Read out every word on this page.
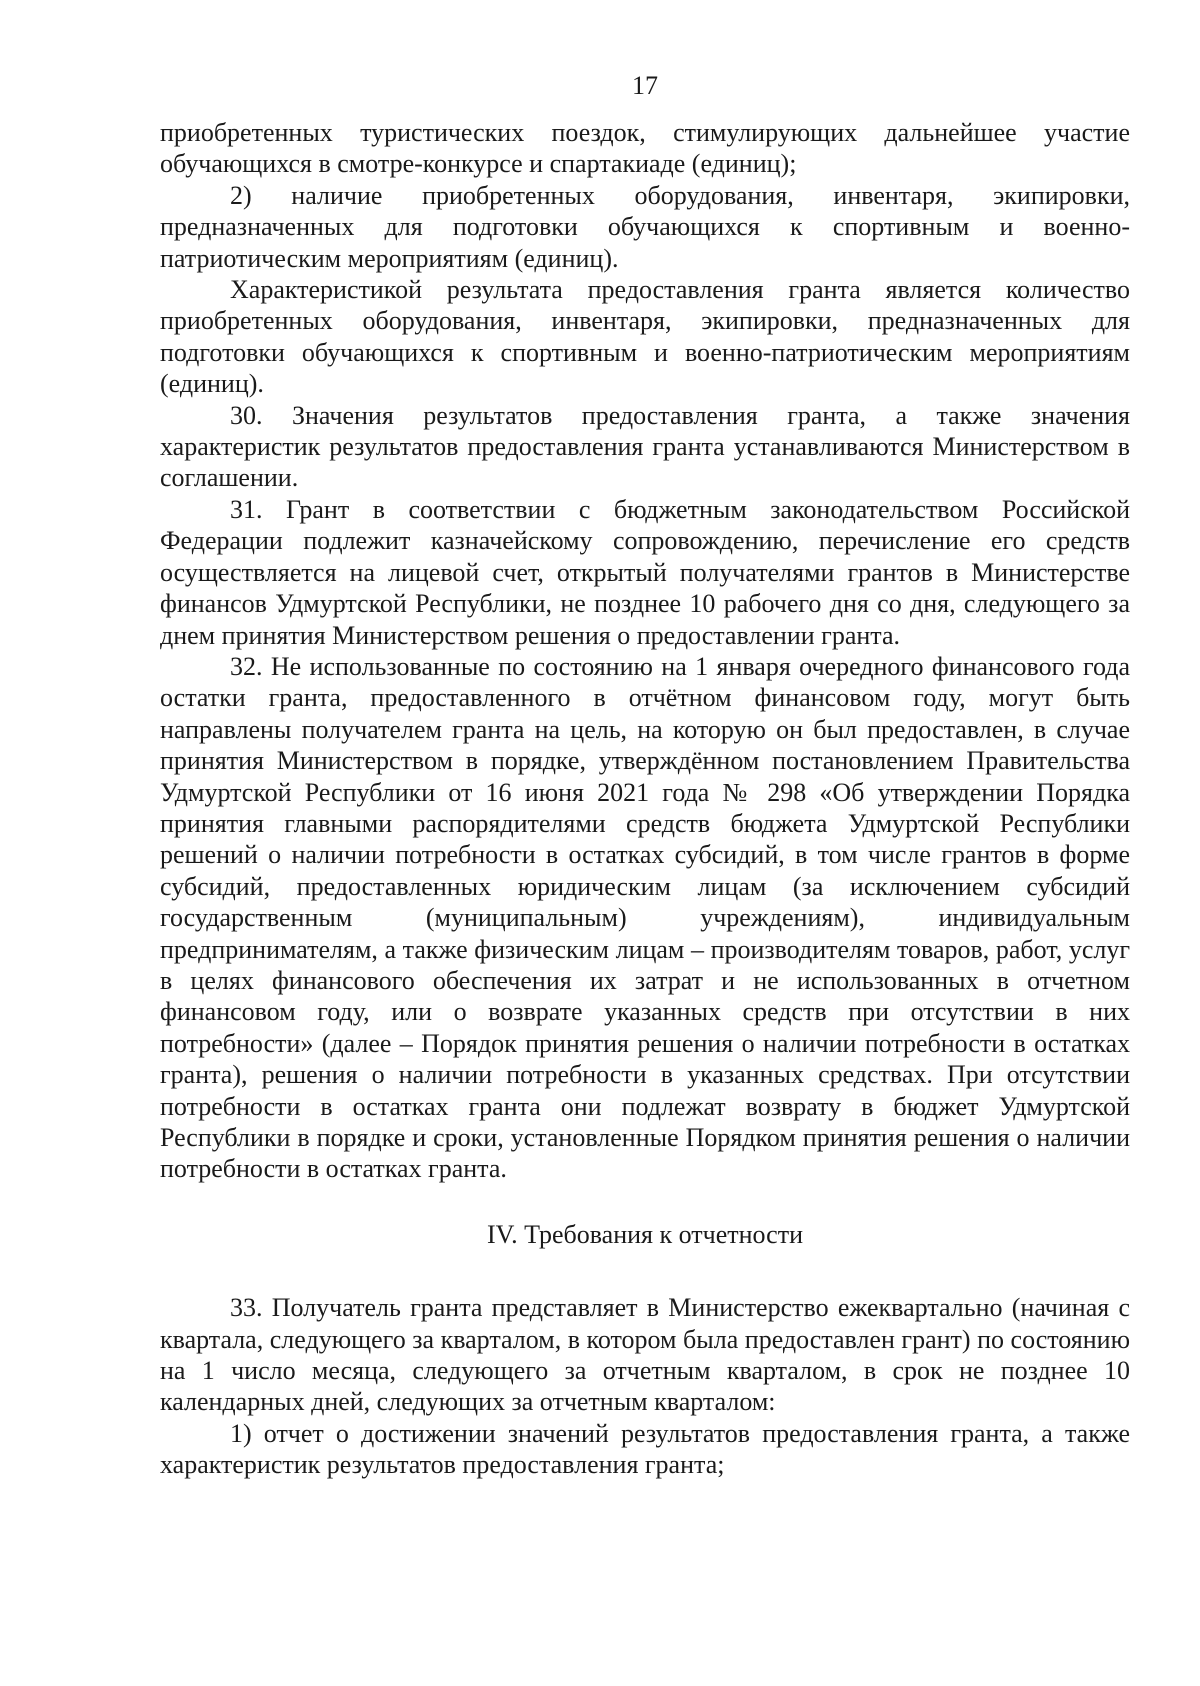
17

приобретенных туристических поездок, стимулирующих дальнейшее участие обучающихся в смотре-конкурсе и спартакиаде (единиц);

2) наличие приобретенных оборудования, инвентаря, экипировки, предназначенных для подготовки обучающихся к спортивным и военно-патриотическим мероприятиям (единиц).

Характеристикой результата предоставления гранта является количество приобретенных оборудования, инвентаря, экипировки, предназначенных для подготовки обучающихся к спортивным и военно-патриотическим мероприятиям (единиц).

30. Значения результатов предоставления гранта, а также значения характеристик результатов предоставления гранта устанавливаются Министерством в соглашении.

31. Грант в соответствии с бюджетным законодательством Российской Федерации подлежит казначейскому сопровождению, перечисление его средств осуществляется на лицевой счет, открытый получателями грантов в Министерстве финансов Удмуртской Республики, не позднее 10 рабочего дня со дня, следующего за днем принятия Министерством решения о предоставлении гранта.

32. Не использованные по состоянию на 1 января очередного финансового года остатки гранта, предоставленного в отчётном финансовом году, могут быть направлены получателем гранта на цель, на которую он был предоставлен, в случае принятия Министерством в порядке, утверждённом постановлением Правительства Удмуртской Республики от 16 июня 2021 года № 298 «Об утверждении Порядка принятия главными распорядителями средств бюджета Удмуртской Республики решений о наличии потребности в остатках субсидий, в том числе грантов в форме субсидий, предоставленных юридическим лицам (за исключением субсидий государственным (муниципальным) учреждениям), индивидуальным предпринимателям, а также физическим лицам – производителям товаров, работ, услуг в целях финансового обеспечения их затрат и не использованных в отчетном финансовом году, или о возврате указанных средств при отсутствии в них потребности» (далее – Порядок принятия решения о наличии потребности в остатках гранта), решения о наличии потребности в указанных средствах. При отсутствии потребности в остатках гранта они подлежат возврату в бюджет Удмуртской Республики в порядке и сроки, установленные Порядком принятия решения о наличии потребности в остатках гранта.

IV. Требования к отчетности

33. Получатель гранта представляет в Министерство ежеквартально (начиная с квартала, следующего за кварталом, в котором была предоставлен грант) по состоянию на 1 число месяца, следующего за отчетным кварталом, в срок не позднее 10 календарных дней, следующих за отчетным кварталом:

1) отчет о достижении значений результатов предоставления гранта, а также характеристик результатов предоставления гранта;
